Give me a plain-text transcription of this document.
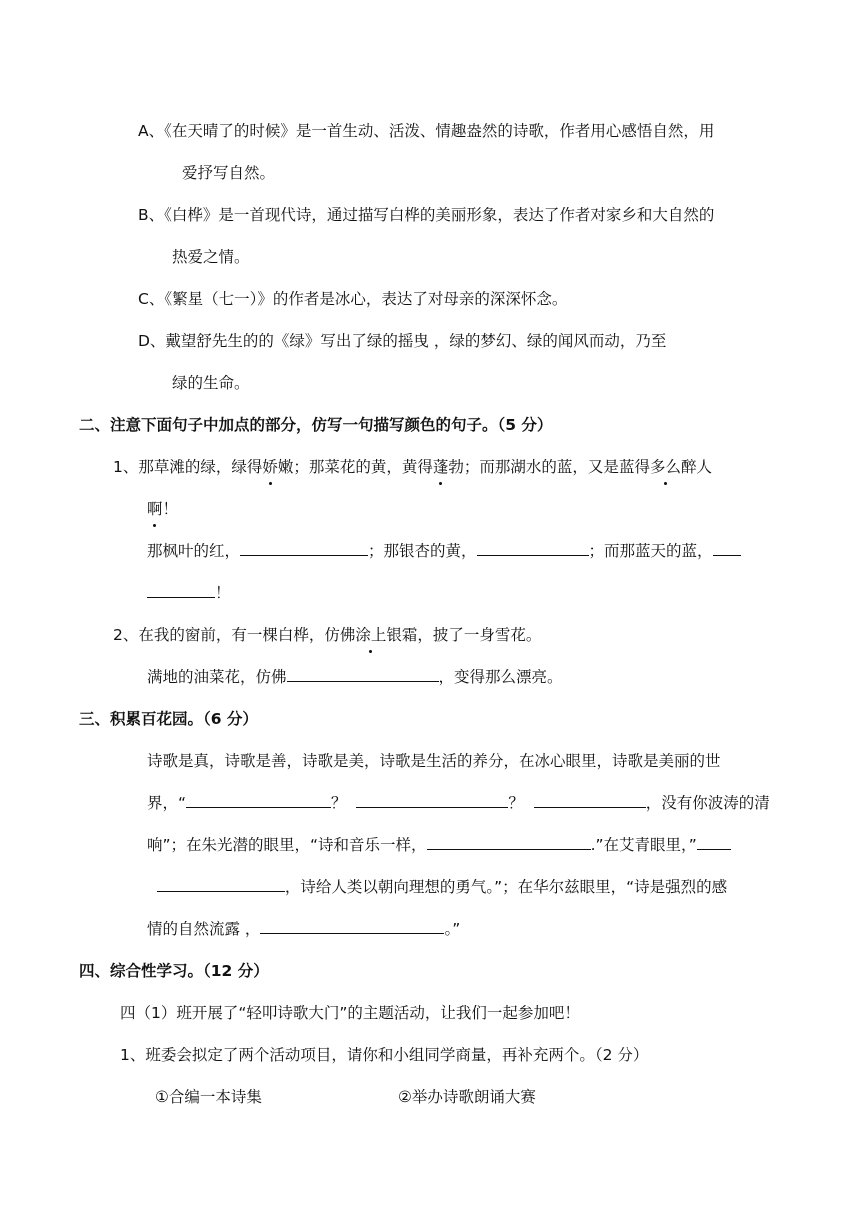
A、《在天晴了的时候》是一首生动、活泼、情趣盎然的诗歌，作者用心感悟自然，用
爱抒写自然。
B、《白桦》是一首现代诗，通过描写白桦的美丽形象，表达了作者对家乡和大自然的
热爱之情。
C、《繁星（七一）》的作者是冰心，表达了对母亲的深深怀念。
D、戴望舒先生的的《绿》写出了绿的摇曳 ，绿的梦幻、绿的闻风而动，乃至
绿的生命。
二、注意下面句子中加点的部分，仿写一句描写颜色的句子。（5 分）
1、那草滩的绿，绿得娇嫩；那菜花的黄，黄得蓬勃；而那湖水的蓝，又是蓝得多么醉人
啊！
那枫叶的红，	；那银杏的黄，	；而那蓝天的蓝，
！
2、在我的窗前，有一棵白桦，仿佛涂上银霜，披了一身雪花。
满地的油菜花，仿佛	，变得那么漂亮。
三、积累百花园。（6 分）
诗歌是真，诗歌是善，诗歌是美，诗歌是生活的养分，在冰心眼里，诗歌是美丽的世
界，“	？	？	，没有你波涛的清
响”；在朱光潜的眼里，“诗和音乐一样，	.”在艾青眼里，”
，诗给人类以朝向理想的勇气。”；在华尔兹眼里，“诗是强烈的感
情的自然流露 ，	。”
四、综合性学习。（12 分）
四（1）班开展了“轻叩诗歌大门”的主题活动，让我们一起参加吧！
1、班委会拟定了两个活动项目，请你和小组同学商量，再补充两个。（2 分）
①合编一本诗集	②举办诗歌朗诵大赛
